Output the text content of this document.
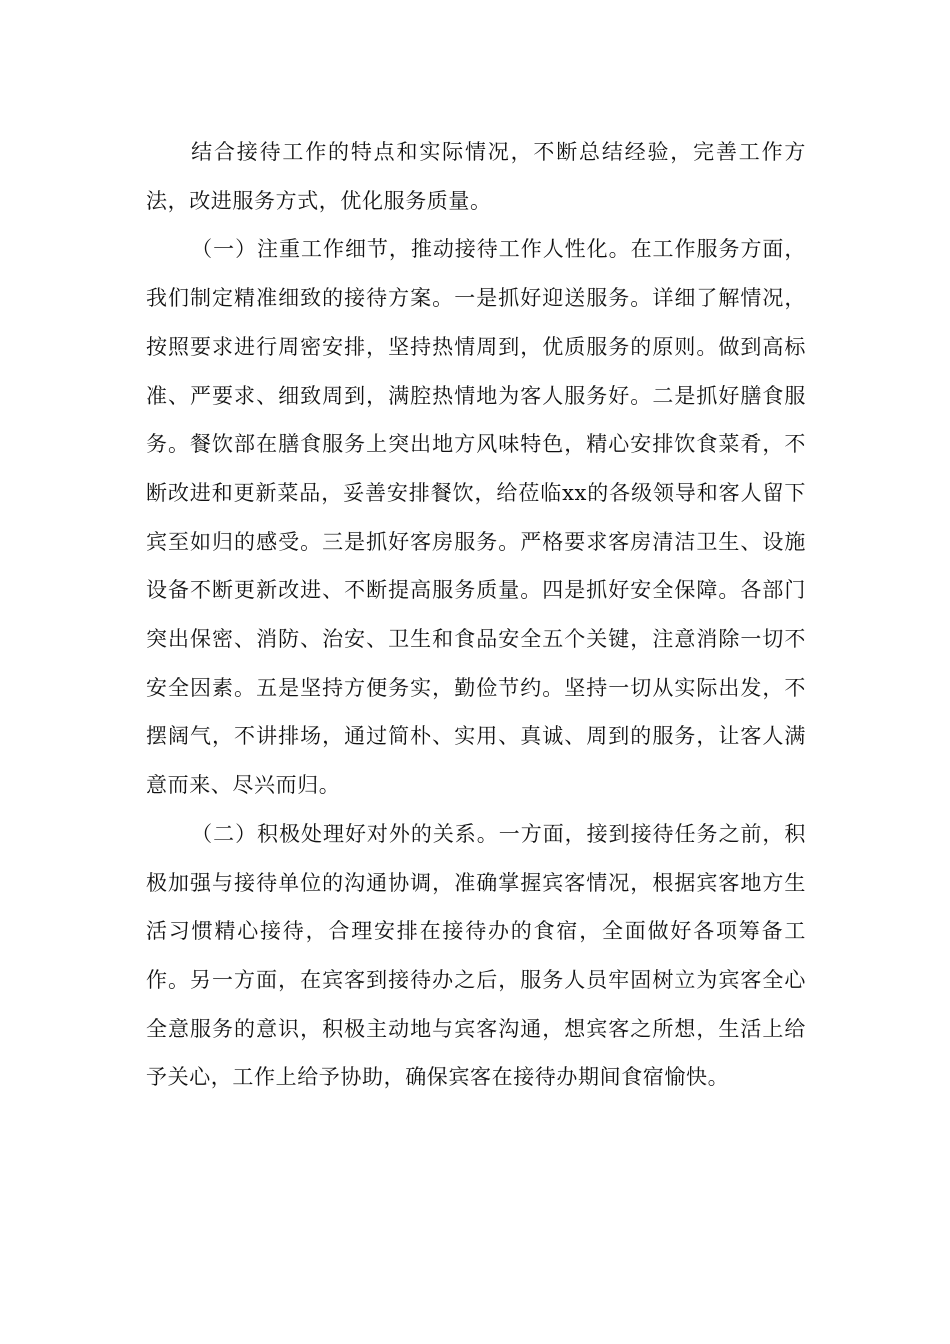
结合接待工作的特点和实际情况，不断总结经验，完善工作方法，改进服务方式，优化服务质量。

（一）注重工作细节，推动接待工作人性化。在工作服务方面，我们制定精准细致的接待方案。一是抓好迎送服务。详细了解情况，按照要求进行周密安排，坚持热情周到，优质服务的原则。做到高标准、严要求、细致周到，满腔热情地为客人服务好。二是抓好膳食服务。餐饮部在膳食服务上突出地方风味特色，精心安排饮食菜肴，不断改进和更新菜品，妥善安排餐饮，给莅临xx的各级领导和客人留下宾至如归的感受。三是抓好客房服务。严格要求客房清洁卫生、设施设备不断更新改进、不断提高服务质量。四是抓好安全保障。各部门突出保密、消防、治安、卫生和食品安全五个关键，注意消除一切不安全因素。五是坚持方便务实，勤俭节约。坚持一切从实际出发，不摆阔气，不讲排场，通过简朴、实用、真诚、周到的服务，让客人满意而来、尽兴而归。

（二）积极处理好对外的关系。一方面，接到接待任务之前，积极加强与接待单位的沟通协调，准确掌握宾客情况，根据宾客地方生活习惯精心接待，合理安排在接待办的食宿，全面做好各项筹备工作。另一方面，在宾客到接待办之后，服务人员牢固树立为宾客全心全意服务的意识，积极主动地与宾客沟通，想宾客之所想，生活上给予关心，工作上给予协助，确保宾客在接待办期间食宿愉快。
